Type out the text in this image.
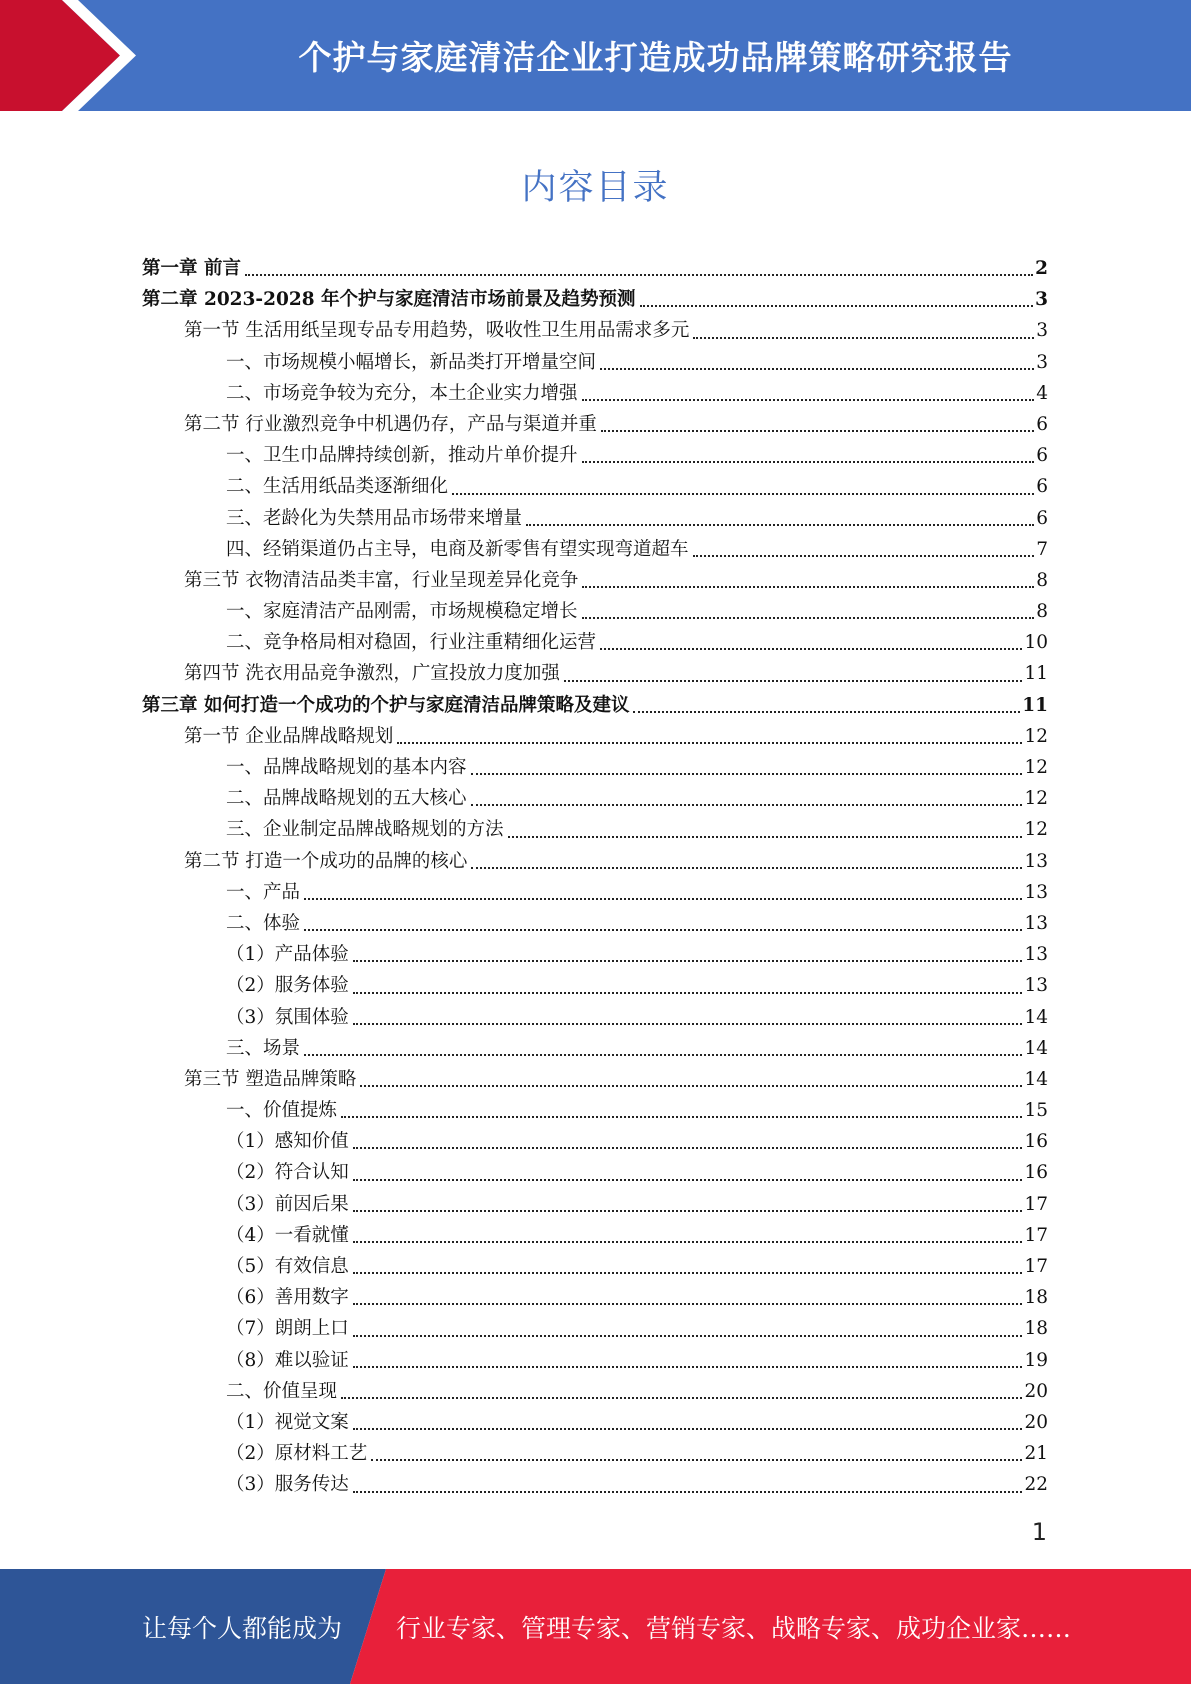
个护与家庭清洁企业打造成功品牌策略研究报告
内容目录
第一章 前言	2
第二章 2023-2028 年个护与家庭清洁市场前景及趋势预测	3
第一节 生活用纸呈现专品专用趋势，吸收性卫生用品需求多元	3
一、市场规模小幅增长，新品类打开增量空间	3
二、市场竞争较为充分，本土企业实力增强	4
第二节 行业激烈竞争中机遇仍存，产品与渠道并重	6
一、卫生巾品牌持续创新，推动片单价提升	6
二、生活用纸品类逐渐细化	6
三、老龄化为失禁用品市场带来增量	6
四、经销渠道仍占主导，电商及新零售有望实现弯道超车	7
第三节 衣物清洁品类丰富，行业呈现差异化竞争	8
一、家庭清洁产品刚需，市场规模稳定增长	8
二、竞争格局相对稳固，行业注重精细化运营	10
第四节 洗衣用品竞争激烈，广宣投放力度加强	11
第三章 如何打造一个成功的个护与家庭清洁品牌策略及建议	11
第一节 企业品牌战略规划	12
一、品牌战略规划的基本内容	12
二、品牌战略规划的五大核心	12
三、企业制定品牌战略规划的方法	12
第二节 打造一个成功的品牌的核心	13
一、产品	13
二、体验	13
（1）产品体验	13
（2）服务体验	13
（3）氛围体验	14
三、场景	14
第三节 塑造品牌策略	14
一、价值提炼	15
（1）感知价值	16
（2）符合认知	16
（3）前因后果	17
（4）一看就懂	17
（5）有效信息	17
（6）善用数字	18
（7）朗朗上口	18
（8）难以验证	19
二、价值呈现	20
（1）视觉文案	20
（2）原材料工艺	21
（3）服务传达	22
1
让每个人都能成为 行业专家、管理专家、营销专家、战略专家、成功企业家……
